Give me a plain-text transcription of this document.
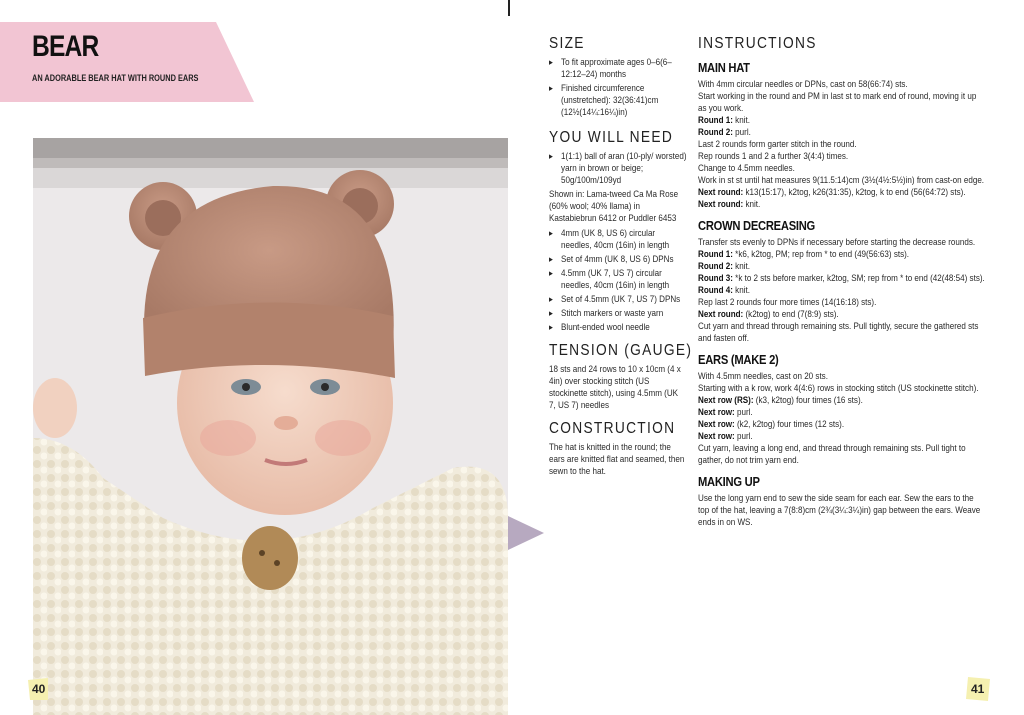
BEAR
AN ADORABLE BEAR HAT WITH ROUND EARS
40
SIZE
▸ To fit approximate ages 0–6(6–12:12–24) months
▸ Finished circumference (unstretched): 32(36:41)cm (12½(14¼:16¼)in)
YOU WILL NEED
▸ 1(1:1) ball of aran (10-ply/ worsted) yarn in brown or beige; 50g/100m/109yd

Shown in: Lama-tweed Ca Ma Rose (60% wool; 40% llama) in Kastabiebrun 6412 or Puddler 6453

▸ 4mm (UK 8, US 6) circular needles, 40cm (16in) in length
▸ Set of 4mm (UK 8, US 6) DPNs
▸ 4.5mm (UK 7, US 7) circular needles, 40cm (16in) in length
▸ Set of 4.5mm (UK 7, US 7) DPNs
▸ Stitch markers or waste yarn
▸ Blunt-ended wool needle
TENSION (GAUGE)

18 sts and 24 rows to 10 x 10cm (4 x 4in) over stocking stitch (US stockinette stitch), using 4.5mm (UK 7, US 7) needles

CONSTRUCTION

The hat is knitted in the round; the ears are knitted flat and seamed, then sewn to the hat.

INSTRUCTIONS
MAIN HAT

With 4mm circular needles or DPNs, cast on 58(66:74) sts.

Start working in the round and PM in last st to mark end of round, moving it up as you work.

Round 1: knit.

Round 2: purl.

Last 2 rounds form garter stitch in the round.

Rep rounds 1 and 2 a further 3(4:4) times.

Change to 4.5mm needles.

Work in st st until hat measures 9(11.5:14)cm (3½(4½:5½)in) from cast-on edge.

Next round: k13(15:17), k2tog, k26(31:35), k2tog, k to end (56(64:72) sts).

Next round: knit.

CROWN DECREASING

Transfer sts evenly to DPNs if necessary before starting the decrease rounds.

Round 1: *k6, k2tog, PM; rep from * to end (49(56:63) sts).

Round 2: knit.

Round 3: *k to 2 sts before marker, k2tog, SM; rep from * to end (42(48:54) sts).

Round 4: knit.

Rep last 2 rounds four more times (14(16:18) sts).

Next round: (k2tog) to end (7(8:9) sts).

Cut yarn and thread through remaining sts. Pull tightly, secure the gathered sts and fasten off.

EARS (MAKE 2)

With 4.5mm needles, cast on 20 sts.

Starting with a k row, work 4(4:6) rows in stocking stitch (US stockinette stitch).

Next row (RS): (k3, k2tog) four times (16 sts).

Next row: purl.

Next row: (k2, k2tog) four times (12 sts).

Next row: purl.

Cut yarn, leaving a long end, and thread through remaining sts. Pull tight to gather, do not trim yarn end.

MAKING UP

Use the long yarn end to sew the side seam for each ear. Sew the ears to the top of the hat, leaving a 7(8:8)cm (2¾(3¼:3¼)in) gap between the ears. Weave ends in on WS.

41
